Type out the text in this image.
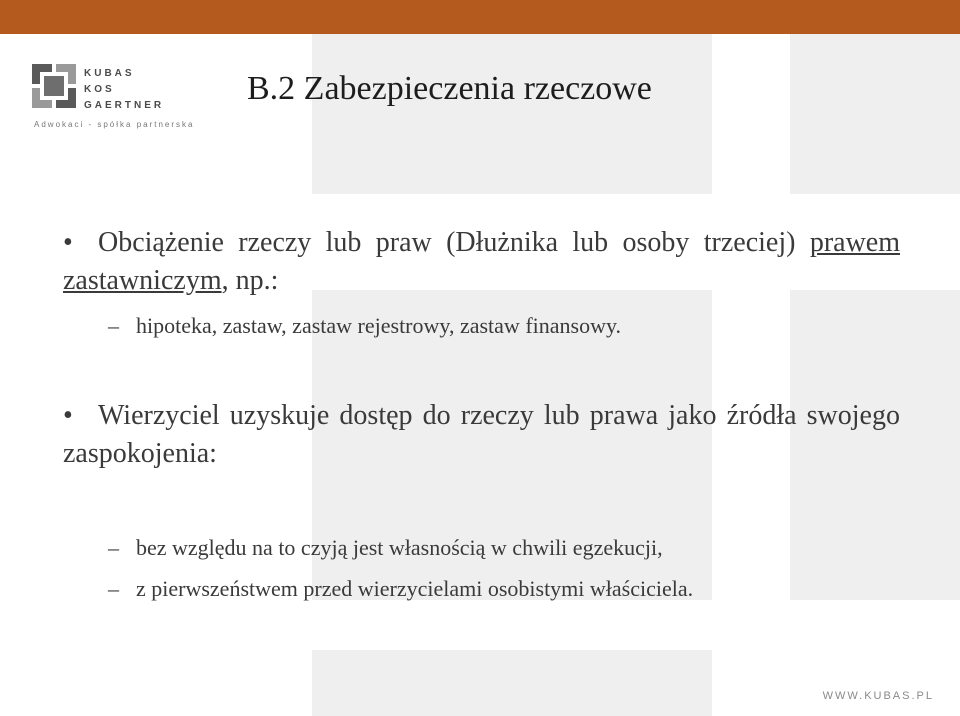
KUBAS
KOS
GAERTNER
Adwokaci - spółka partnerska
B.2 Zabezpieczenia rzeczowe
• Obciążenie rzeczy lub praw (Dłużnika lub osoby trzeciej) prawem zastawniczym, np.:
– hipoteka, zastaw, zastaw rejestrowy, zastaw finansowy.
• Wierzyciel uzyskuje dostęp do rzeczy lub prawa jako źródła swojego zaspokojenia:
– bez względu na to czyją jest własnością w chwili egzekucji,
– z pierwszeństwem przed wierzycielami osobistymi właściciela.
WWW.KUBAS.PL
